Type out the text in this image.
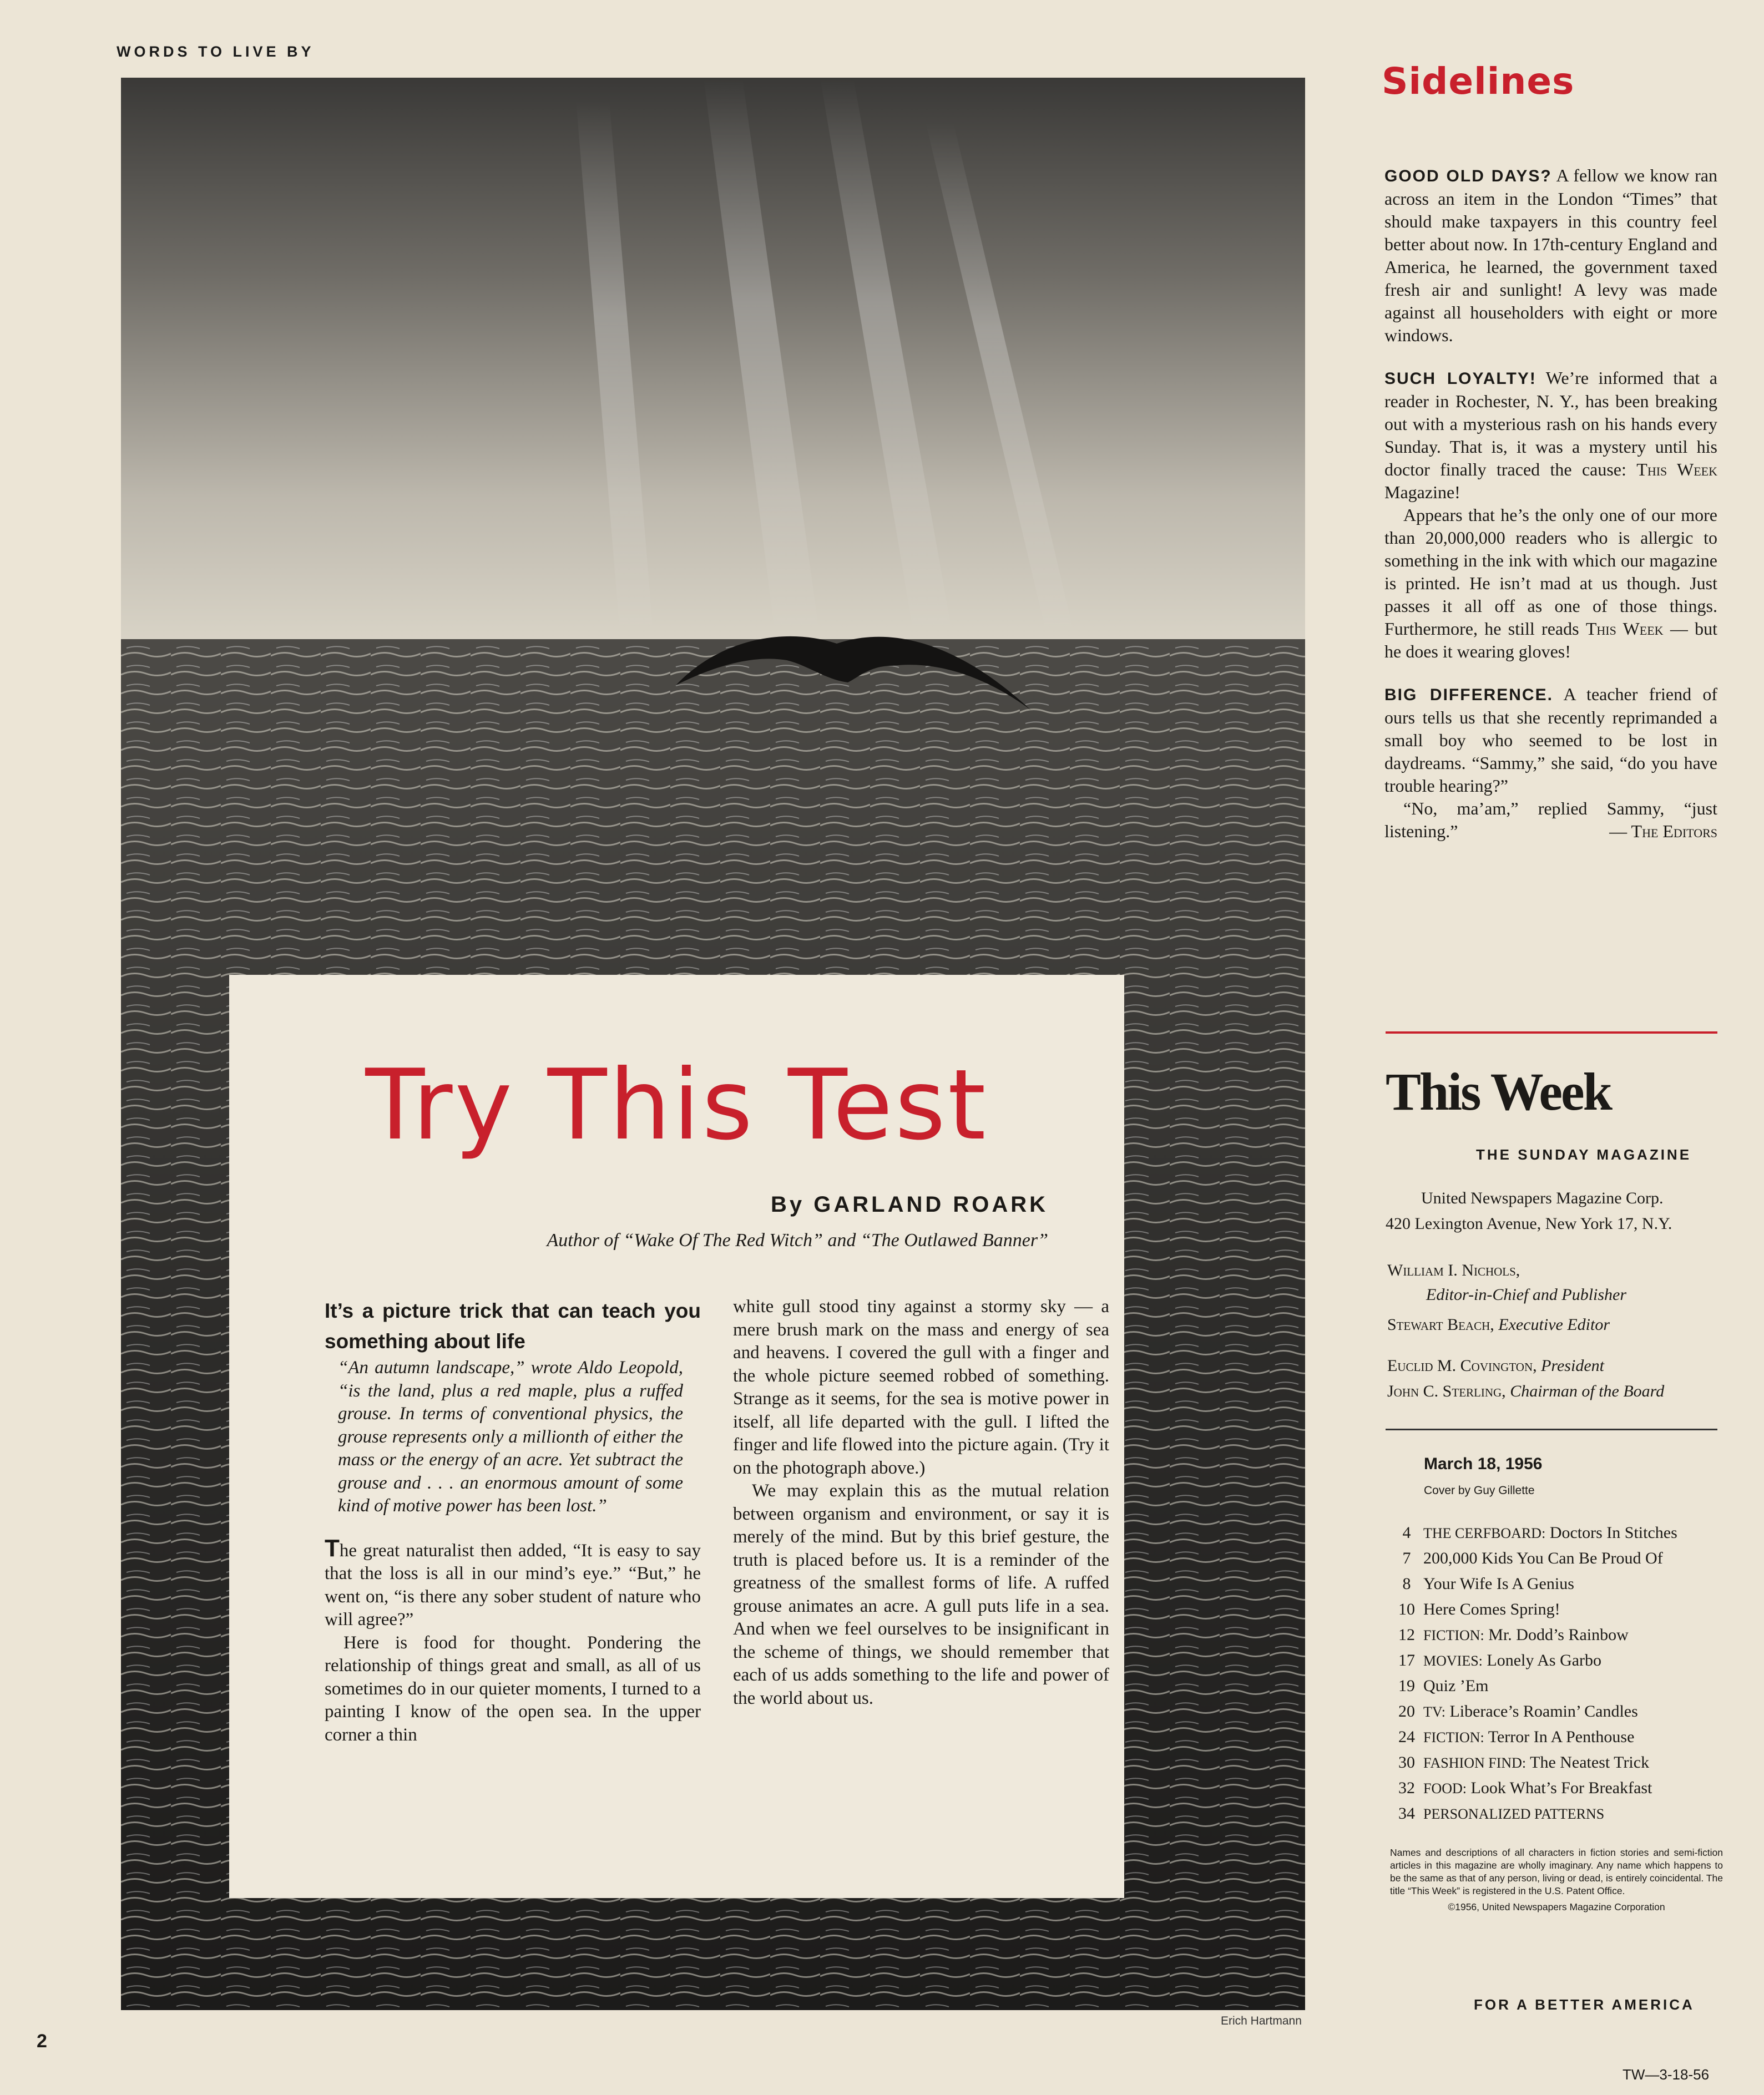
WORDS TO LIVE BY
Erich Hartmann
Try This Test
By GARLAND ROARK
Author of “Wake Of The Red Witch” and “The Outlawed Banner”

It’s a picture trick that can teach you something about life

“An autumn landscape,” wrote Aldo Leopold, “is the land, plus a red maple, plus a ruffed grouse. In terms of conventional physics, the grouse represents only a millionth of either the mass or the energy of an acre. Yet subtract the grouse and . . . an enormous amount of some kind of motive power has been lost.”

The great naturalist then added, “It is easy to say that the loss is all in our mind’s eye.” “But,” he went on, “is there any sober student of nature who will agree?”

Here is food for thought. Pondering the relationship of things great and small, as all of us sometimes do in our quieter moments, I turned to a painting I know of the open sea. In the upper corner a thin

white gull stood tiny against a stormy sky — a mere brush mark on the mass and energy of sea and heavens. I covered the gull with a finger and the whole picture seemed robbed of something. Strange as it seems, for the sea is motive power in itself, all life departed with the gull. I lifted the finger and life flowed into the picture again. (Try it on the photograph above.)

We may explain this as the mutual relation between organism and environment, or say it is merely of the mind. But by this brief gesture, the truth is placed before us. It is a reminder of the greatness of the smallest forms of life. A ruffed grouse animates an acre. A gull puts life in a sea. And when we feel ourselves to be insignificant in the scheme of things, we should remember that each of us adds something to the life and power of the world about us.

Sidelines

GOOD OLD DAYS? A fellow we know ran across an item in the London “Times” that should make taxpayers in this country feel better about now. In 17th-century England and America, he learned, the government taxed fresh air and sunlight! A levy was made against all householders with eight or more windows.

SUCH LOYALTY! We’re informed that a reader in Rochester, N. Y., has been breaking out with a mysterious rash on his hands every Sunday. That is, it was a mystery until his doctor finally traced the cause: This Week Magazine!

Appears that he’s the only one of our more than 20,000,000 readers who is allergic to something in the ink with which our magazine is printed. He isn’t mad at us though. Just passes it all off as one of those things. Furthermore, he still reads This Week — but he does it wearing gloves!

BIG DIFFERENCE. A teacher friend of ours tells us that she recently reprimanded a small boy who seemed to be lost in daydreams. “Sammy,” she said, “do you have trouble hearing?”

“No, ma’am,” replied Sammy, “just listening.”	— The Editors

This Week
THE SUNDAY MAGAZINE
United Newspapers Magazine Corp.
420 Lexington Avenue, New York 17, N.Y.
William I. Nichols,
Editor-in-Chief and Publisher
Stewart Beach, Executive Editor
Euclid M. Covington, President
John C. Sterling, Chairman of the Board
March 18, 1956
Cover by Guy Gillette
4 THE CERFBOARD: Doctors In Stitches
7 200,000 Kids You Can Be Proud Of
8 Your Wife Is A Genius
10 Here Comes Spring!
12 FICTION: Mr. Dodd’s Rainbow
17 MOVIES: Lonely As Garbo
19 Quiz ’Em
20 TV: Liberace’s Roamin’ Candles
24 FICTION: Terror In A Penthouse
30 FASHION FIND: The Neatest Trick
32 FOOD: Look What’s For Breakfast
34 PERSONALIZED PATTERNS
Names and descriptions of all characters in fiction stories and semi-fiction articles in this magazine are wholly imaginary. Any name which happens to be the same as that of any person, living or dead, is entirely coincidental. The title “This Week” is registered in the U.S. Patent Office.
©1956, United Newspapers Magazine Corporation
FOR A BETTER AMERICA
2
TW—3-18-56
